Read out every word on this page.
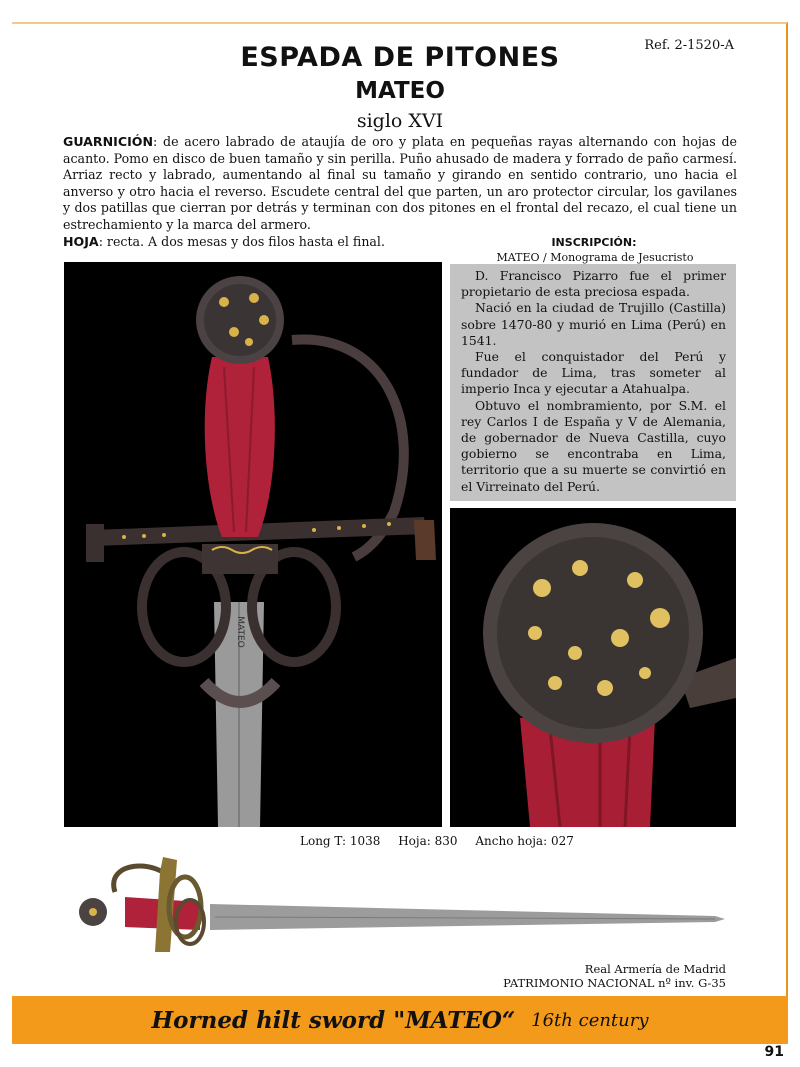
Ref. 2-1520-A
ESPADA DE PITONES
MATEO
siglo XVI
GUARNICIÓN: de acero labrado de ataujía de oro y plata en pequeñas rayas alternando con hojas de acanto. Pomo en disco de buen tamaño y sin perilla. Puño ahusado de madera y forrado de paño carmesí. Arriaz recto y labrado, aumentando al final su tamaño y girando en sentido contrario, uno hacia el anverso y otro hacia el reverso. Escudete central del que parten, un aro protector circular, los gavilanes y dos patillas que cierran por detrás y terminan con dos pitones en el frontal del recazo, el cual tiene un estrechamiento y la marca del armero.
HOJA: recta. A dos mesas y dos filos hasta el final.	INSCRIPCIÓN:
MATEO / Monograma de Jesucristo
MATEO

D. Francisco Pizarro fue el primer propietario de esta preciosa espada.

Nació en la ciudad de Trujillo (Castilla) sobre 1470-80 y murió en Lima (Perú) en 1541.

Fue el conquistador del Perú y fundador de Lima, tras someter al imperio Inca y ejecutar a Atahualpa.

Obtuvo el nombramiento, por S.M. el rey Carlos I de España y V de Alemania, de gobernador de Nueva Castilla, cuyo gobierno se encontraba en Lima, territorio que a su muerte se convirtió en el Virreinato del Perú.

Long T: 1038 Hoja: 830 Ancho hoja: 027
Real Armería de Madrid
PATRIMONIO NACIONAL nº inv. G-35
Horned hilt sword "MATEO“ 16th century
91
